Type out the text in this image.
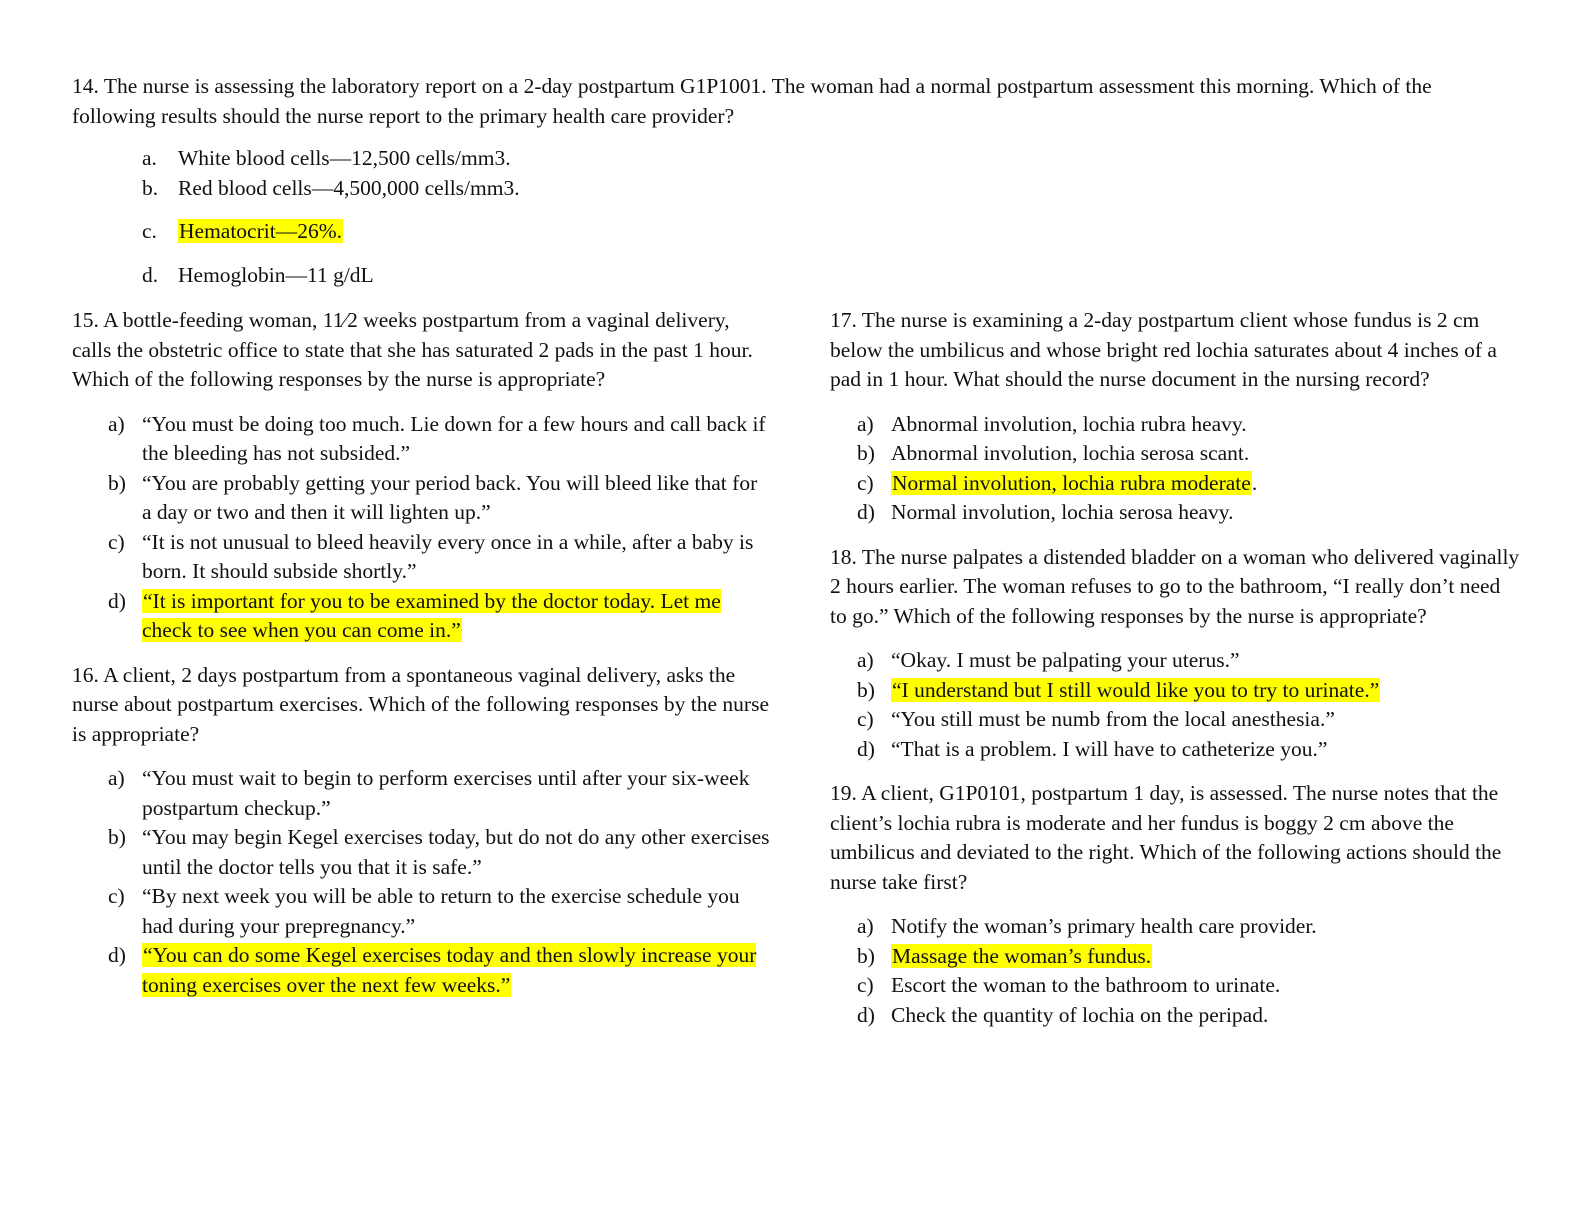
14. The nurse is assessing the laboratory report on a 2-day postpartum G1P1001. The woman had a normal postpartum assessment this morning. Which of the following results should the nurse report to the primary health care provider?

a. White blood cells—12,500 cells/mm3.
b. Red blood cells—4,500,000 cells/mm3.
c. Hematocrit—26%.
d. Hemoglobin—11 g/dL

15. A bottle-feeding woman, 11⁄2 weeks postpartum from a vaginal delivery, calls the obstetric office to state that she has saturated 2 pads in the past 1 hour. Which of the following responses by the nurse is appropriate?

a) “You must be doing too much. Lie down for a few hours and call back if the bleeding has not subsided.”
b) “You are probably getting your period back. You will bleed like that for a day or two and then it will lighten up.”
c) “It is not unusual to bleed heavily every once in a while, after a baby is born. It should subside shortly.”
d) “It is important for you to be examined by the doctor today. Let me check to see when you can come in.”

16. A client, 2 days postpartum from a spontaneous vaginal delivery, asks the nurse about postpartum exercises. Which of the following responses by the nurse is appropriate?

a) “You must wait to begin to perform exercises until after your six-week postpartum checkup.”
b) “You may begin Kegel exercises today, but do not do any other exercises until the doctor tells you that it is safe.”
c) “By next week you will be able to return to the exercise schedule you had during your prepregnancy.”
d) “You can do some Kegel exercises today and then slowly increase your toning exercises over the next few weeks.”

17. The nurse is examining a 2-day postpartum client whose fundus is 2 cm below the umbilicus and whose bright red lochia saturates about 4 inches of a pad in 1 hour. What should the nurse document in the nursing record?

a) Abnormal involution, lochia rubra heavy.
b) Abnormal involution, lochia serosa scant.
c) Normal involution, lochia rubra moderate.
d) Normal involution, lochia serosa heavy.

18. The nurse palpates a distended bladder on a woman who delivered vaginally 2 hours earlier. The woman refuses to go to the bathroom, “I really don’t need to go.” Which of the following responses by the nurse is appropriate?

a) “Okay. I must be palpating your uterus.”
b) “I understand but I still would like you to try to urinate.”
c) “You still must be numb from the local anesthesia.”
d) “That is a problem. I will have to catheterize you.”

19. A client, G1P0101, postpartum 1 day, is assessed. The nurse notes that the client’s lochia rubra is moderate and her fundus is boggy 2 cm above the umbilicus and deviated to the right. Which of the following actions should the nurse take first?

a) Notify the woman’s primary health care provider.
b) Massage the woman’s fundus.
c) Escort the woman to the bathroom to urinate.
d) Check the quantity of lochia on the peripad.
